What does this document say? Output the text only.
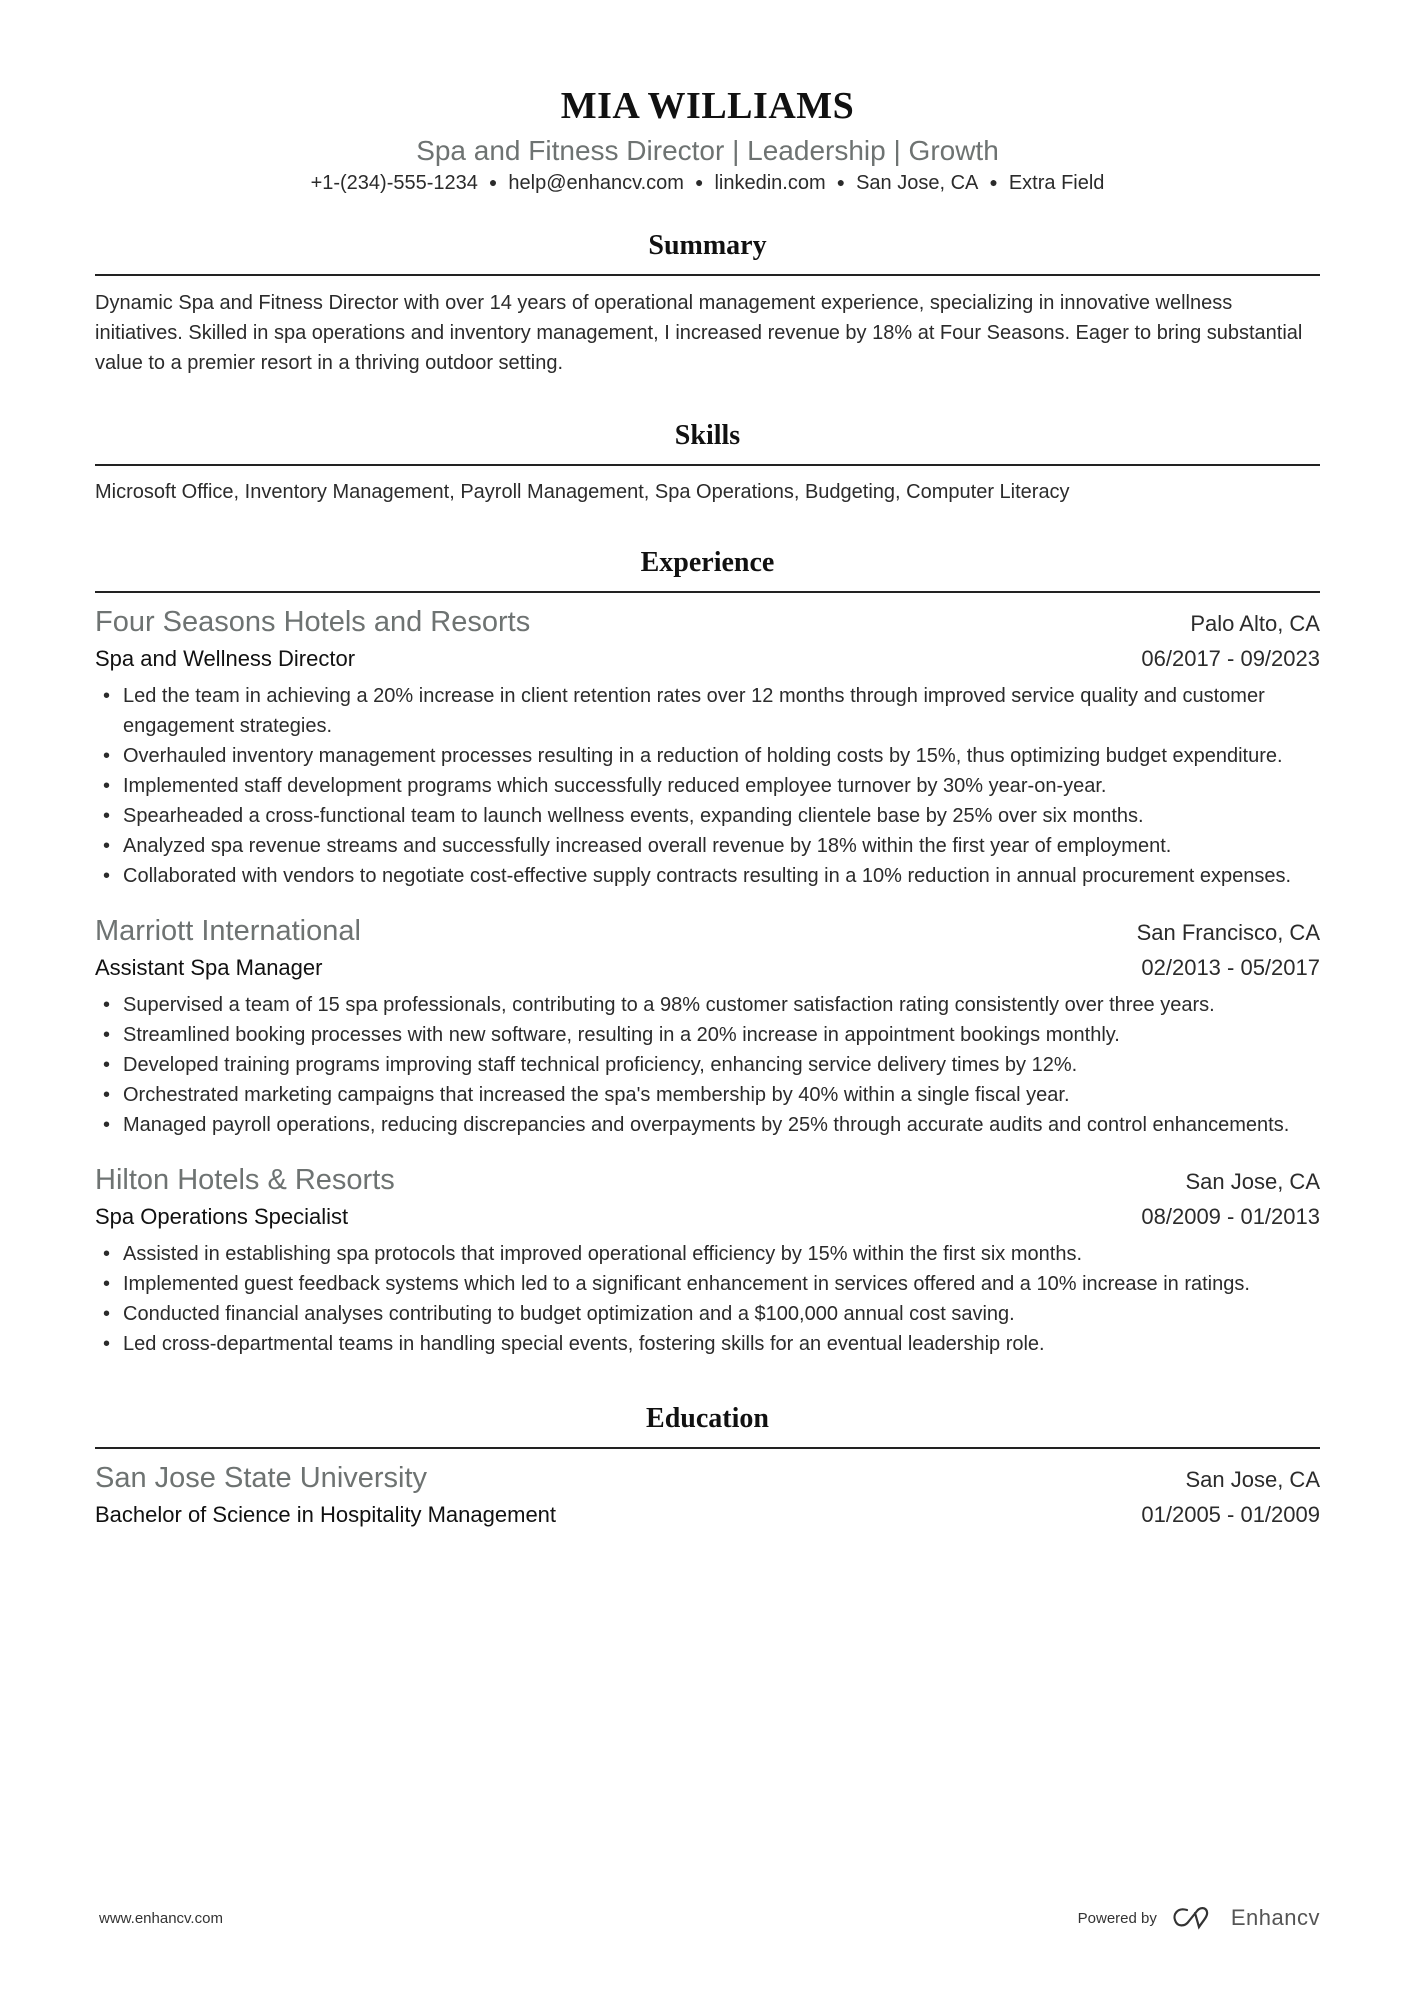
MIA WILLIAMS
Spa and Fitness Director | Leadership | Growth
+1-(234)-555-1234 ● help@enhancv.com ● linkedin.com ● San Jose, CA ● Extra Field
Summary
Dynamic Spa and Fitness Director with over 14 years of operational management experience, specializing in innovative wellness initiatives. Skilled in spa operations and inventory management, I increased revenue by 18% at Four Seasons. Eager to bring substantial value to a premier resort in a thriving outdoor setting.
Skills
Microsoft Office, Inventory Management, Payroll Management, Spa Operations, Budgeting, Computer Literacy
Experience
Four Seasons Hotels and Resorts	Palo Alto, CA
Spa and Wellness Director	06/2017 - 09/2023
• Led the team in achieving a 20% increase in client retention rates over 12 months through improved service quality and customer engagement strategies.
• Overhauled inventory management processes resulting in a reduction of holding costs by 15%, thus optimizing budget expenditure.
• Implemented staff development programs which successfully reduced employee turnover by 30% year-on-year.
• Spearheaded a cross-functional team to launch wellness events, expanding clientele base by 25% over six months.
• Analyzed spa revenue streams and successfully increased overall revenue by 18% within the first year of employment.
• Collaborated with vendors to negotiate cost-effective supply contracts resulting in a 10% reduction in annual procurement expenses.
Marriott International	San Francisco, CA
Assistant Spa Manager	02/2013 - 05/2017
• Supervised a team of 15 spa professionals, contributing to a 98% customer satisfaction rating consistently over three years.
• Streamlined booking processes with new software, resulting in a 20% increase in appointment bookings monthly.
• Developed training programs improving staff technical proficiency, enhancing service delivery times by 12%.
• Orchestrated marketing campaigns that increased the spa's membership by 40% within a single fiscal year.
• Managed payroll operations, reducing discrepancies and overpayments by 25% through accurate audits and control enhancements.
Hilton Hotels & Resorts	San Jose, CA
Spa Operations Specialist	08/2009 - 01/2013
• Assisted in establishing spa protocols that improved operational efficiency by 15% within the first six months.
• Implemented guest feedback systems which led to a significant enhancement in services offered and a 10% increase in ratings.
• Conducted financial analyses contributing to budget optimization and a $100,000 annual cost saving.
• Led cross-departmental teams in handling special events, fostering skills for an eventual leadership role.
Education
San Jose State University	San Jose, CA
Bachelor of Science in Hospitality Management	01/2005 - 01/2009
www.enhancv.com	Powered by	Enhancv
